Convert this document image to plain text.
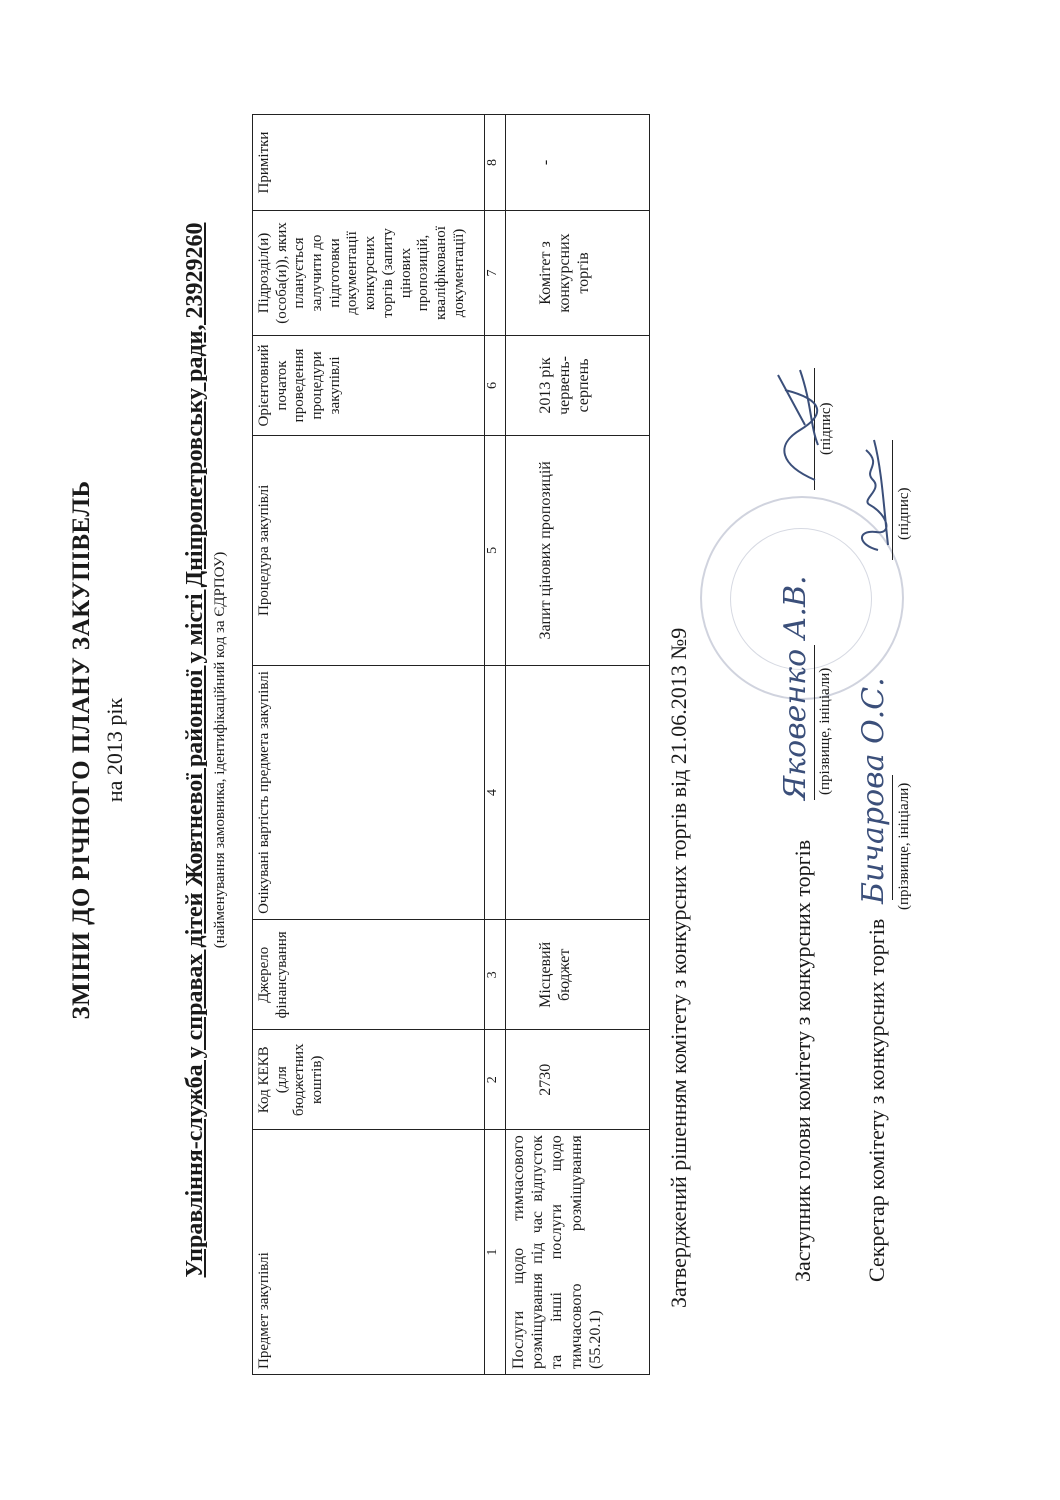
ЗМІНИ ДО РІЧНОГО ПЛАНУ ЗАКУПІВЕЛЬ на 2013 рік Управління-служба у справах дітей Жовтневої районної у місті Дніпропетровську ради, 23929260 (найменування замовника, ідентифікаційний код за ЄДРПОУ)
Предмет закупівлі	Код КЕКВ (для бюджетних коштів)	Джерело фінансування	Очікувані вартість предмета закупівлі	Процедура закупівлі	Орієнтовний початок проведення процедури закупівлі	Підрозділ(и) (особа(и)), яких планується залучити до підготовки документації конкурсних торгів (запиту цінових пропозицій, кваліфікованої документації)	Примітки
1	2	3	4	5	6	7	8
Послуги щодо тимчасового розміщування під час відпусток та інші послуги щодо тимчасового розміщування (55.20.1)	2730	Місцевий бюджет		Запит цінових пропозицій	2013 рік червень-серпень	Комітет з конкурсних торгів	-
Затверджений рішенням комітету з конкурсних торгів від 21.06.2013 №9	Заступник голови комітету з конкурсних торгів
Яковенко А.В. (прізвище, ініціали)
(підпис)
Секретар комітету з конкурсних торгів
Бичарова О.С. (прізвище, ініціали)
(підпис)
